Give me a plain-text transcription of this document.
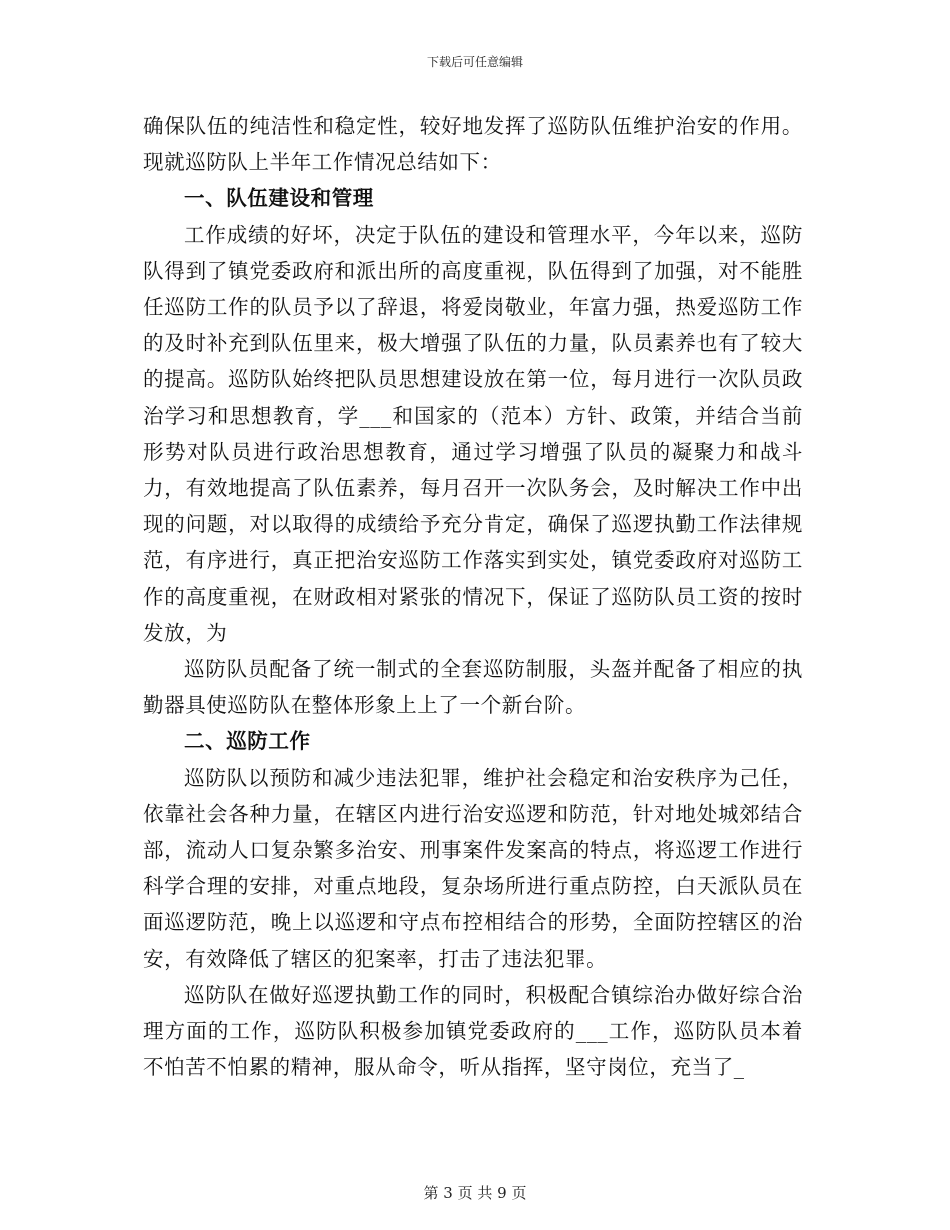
下载后可任意编辑

确保队伍的纯洁性和稳定性，较好地发挥了巡防队伍维护治安的作用。现就巡防队上半年工作情况总结如下：

一、队伍建设和管理

工作成绩的好坏，决定于队伍的建设和管理水平，今年以来，巡防队得到了镇党委政府和派出所的高度重视，队伍得到了加强，对不能胜任巡防工作的队员予以了辞退，将爱岗敬业，年富力强，热爱巡防工作的及时补充到队伍里来，极大增强了队伍的力量，队员素养也有了较大的提高。巡防队始终把队员思想建设放在第一位，每月进行一次队员政治学习和思想教育，学___和国家的（范本）方针、政策，并结合当前形势对队员进行政治思想教育，通过学习增强了队员的凝聚力和战斗力，有效地提高了队伍素养，每月召开一次队务会，及时解决工作中出现的问题，对以取得的成绩给予充分肯定，确保了巡逻执勤工作法律规范，有序进行，真正把治安巡防工作落实到实处，镇党委政府对巡防工作的高度重视，在财政相对紧张的情况下，保证了巡防队员工资的按时发放，为

巡防队员配备了统一制式的全套巡防制服，头盔并配备了相应的执勤器具使巡防队在整体形象上上了一个新台阶。

二、巡防工作

巡防队以预防和减少违法犯罪，维护社会稳定和治安秩序为己任，依靠社会各种力量，在辖区内进行治安巡逻和防范，针对地处城郊结合部，流动人口复杂繁多治安、刑事案件发案高的特点，将巡逻工作进行科学合理的安排，对重点地段，复杂场所进行重点防控，白天派队员在面巡逻防范，晚上以巡逻和守点布控相结合的形势，全面防控辖区的治安，有效降低了辖区的犯案率，打击了违法犯罪。

巡防队在做好巡逻执勤工作的同时，积极配合镇综治办做好综合治理方面的工作，巡防队积极参加镇党委政府的___工作，巡防队员本着不怕苦不怕累的精神，服从命令，听从指挥，坚守岗位，充当了_

第 3 页 共 9 页
